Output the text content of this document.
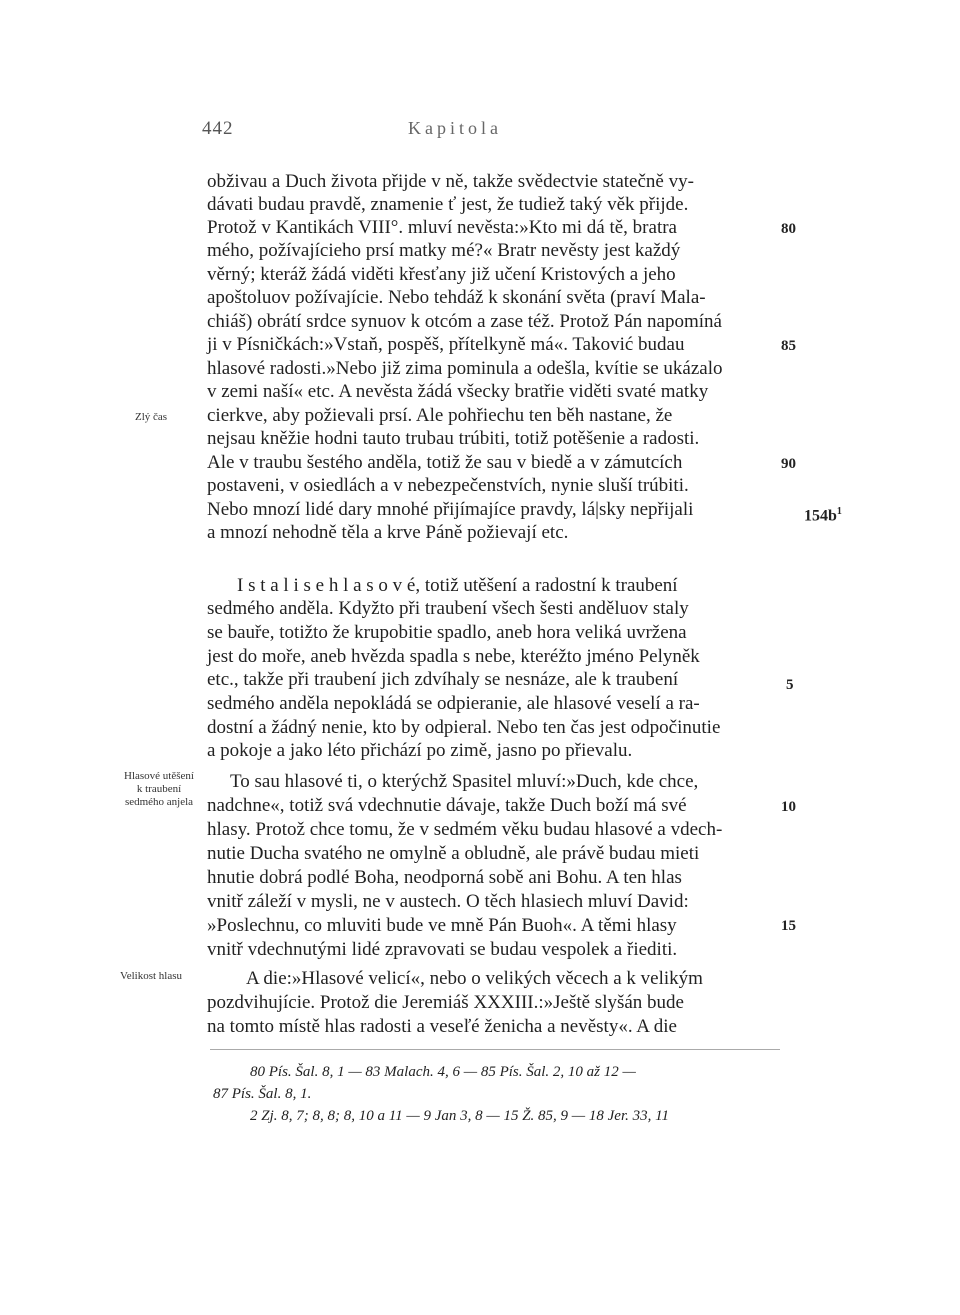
442	Kapitola
obživau a Duch života přijde v ně, takže svědectvie statečně vy-
dávati budau pravdě, znamenie ť jest, že tudiež taký věk přijde.
Protož v Kantikách VIII°. mluví nevěsta:»Kto mi dá tě, bratra
mého, požívajícieho prsí matky mé?« Bratr nevěsty jest každý
věrný; kteráž žádá viděti křesťany již učení Kristových a jeho
apoštoluov požívajície. Nebo tehdáž k skonání světa (praví Mala-
chiáš) obrátí srdce synuov k otcóm a zase též. Protož Pán napomíná
ji v Písničkách:»Vstaň, pospěš, přítelkyně má«. Taković budau
hlasové radosti.»Nebo již zima pominula a odešla, kvítie se ukázalo
v zemi naší« etc. A nevěsta žádá všecky bratřie viděti svaté matky
cierkve, aby požievali prsí. Ale pohřiechu ten běh nastane, že
nejsau kněžie hodni tauto trubau trúbiti, totiž potěšenie a radosti.
Ale v traubu šestého anděla, totiž že sau v biedě a v zámutcích
postaveni, v osiedlách a v nebezpečenstvích, nynie sluší trúbiti.
Nebo mnozí lidé dary mnohé přijímajíce pravdy, lá|sky nepřijali
a mnozí nehodně těla a krve Páně požievají etc.
80
85
90
Zlý čas
$154b^1$
I s t a l i s e h l a s o v é, totiž utěšení a radostní k traubení
sedmého anděla. Kdyžto při traubení všech šesti anděluov staly
se bauře, totižto že krupobitie spadlo, aneb hora veliká uvržena
jest do moře, aneb hvězda spadla s nebe, kteréžto jméno Pelyněk
etc., takže při traubení jich zdvíhaly se nesnáze, ale k traubení
sedmého anděla nepokládá se odpieranie, ale hlasové veselí a ra-
dostní a žádný nenie, kto by odpieral. Nebo ten čas jest odpočinutie
a pokoje a jako léto přichází po zimě, jasno po přievalu.
To sau hlasové ti, o kterýchž Spasitel mluví:»Duch, kde chce,
nadchne«, totiž svá vdechnutie dávaje, takže Duch boží má své
hlasy. Protož chce tomu, že v sedmém věku budau hlasové a vdech-
nutie Ducha svatého ne omylně a obludně, ale právě budau mieti
hnutie dobrá podlé Boha, neodporná sobě ani Bohu. A ten hlas
vnitř záleží v mysli, ne v austech. O těch hlasiech mluví David:
»Poslechnu, co mluviti bude ve mně Pán Buoh«. A těmi hlasy
vnitř vdechnutými lidé zpravovati se budau vespolek a řiediti.
A die:»Hlasové velicí«, nebo o velikých věcech a k velikým
pozdvihujície. Protož die Jeremiáš XXXIII.:»Ještě slyšán bude
na tomto místě hlas radosti a veseľé ženicha a nevěsty«. A die
5
10
15
Hlasové utěšení
k traubení
sedmého anjela
Velikost hlasu
80 Pís. Šal. 8, 1 — 83 Malach. 4, 6 — 85 Pís. Šal. 2, 10 až 12 —
87 Pís. Šal. 8, 1.
2 Zj. 8, 7; 8, 8; 8, 10 a 11 — 9 Jan 3, 8 — 15 Ž. 85, 9 — 18 Jer. 33, 11
